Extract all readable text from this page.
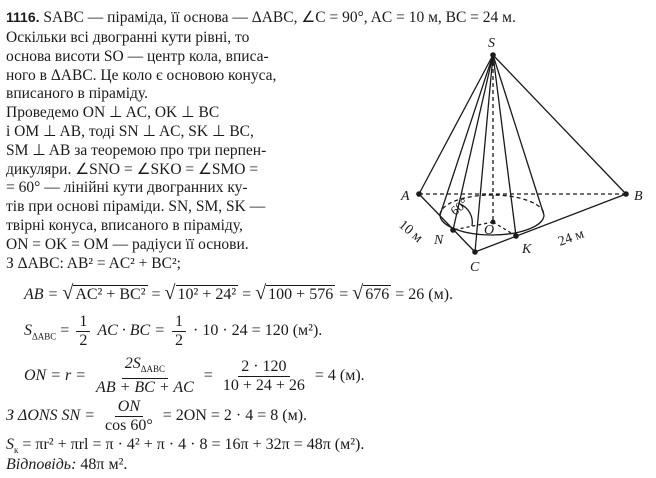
1116. SABC — піраміда, її основа — ΔABC, ∠C = 90°, AC = 10 м, BC = 24 м.
Оскільки всі двогранні кути рівні, то
основа висоти SO — центр кола, вписа-
ного в ΔABC. Це коло є основою конуса,
вписаного в піраміду.
Проведемо ON ⊥ AC, OK ⊥ BC
і OM ⊥ AB, тоді SN ⊥ AC, SK ⊥ BC,
SM ⊥ AB за теоремою про три перпен-
дикуляри. ∠SNO = ∠SKO = ∠SMO =
= 60° — лінійні кути двогранних ку-
тів при основі піраміди. SN, SM, SK —
твірні конуса, вписаного в піраміду,
ON = OK = OM — радіуси її основи.
З ΔABC: AB² = AC² + BC²;
AB = √ AC² + BC² = √ 10² + 24² = √ 100 + 576 = √ 676 = 26 (м).
$S_{\Delta ABC} = \frac{1}{2}$ AC · BC = $\frac{1}{2} \cdot 10 \cdot 24 = 120$ (м²).
ON = $r = \frac{2S_{\Delta ABC}}{AB + BC + AC} = \frac{2 \cdot 120}{10 + 24 + 26} = 4$ (м).
З ΔONS SN = $\frac{ON}{\cos 60^\circ} = 2ON = 2 \cdot 4 = 8$ (м).
$S_к = \pi r^2 + \pi rl = \pi \cdot 4^2 + \pi \cdot 4 \cdot 8 = 16\pi + 32\pi = 48\pi$ (м²).
Відповідь: 48π м².
S
A	B
C
O
N
K
60°
10 м	24 м
